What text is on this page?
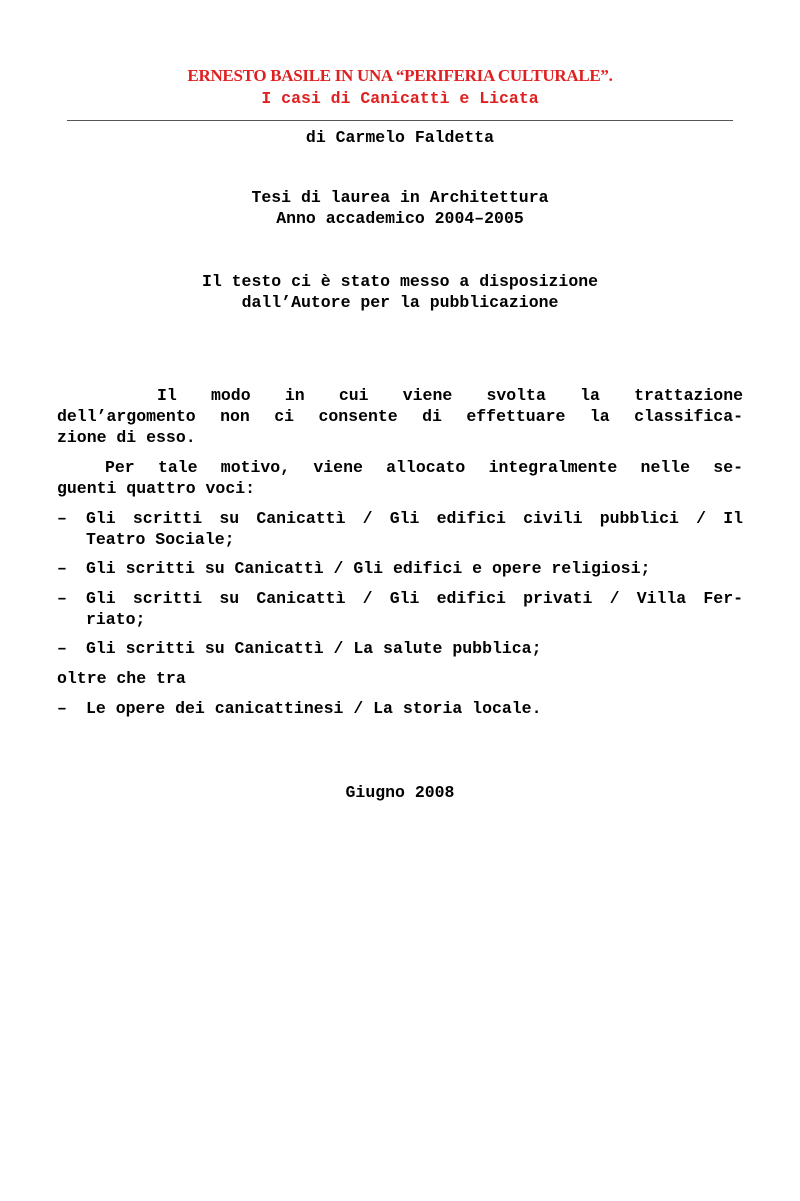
ERNESTO BASILE IN UNA “PERIFERIA CULTURALE”.
I casi di Canicattì e Licata
di Carmelo Faldetta
Tesi di laurea in Architettura
Anno accademico 2004–2005
Il testo ci è stato messo a disposizione
dall’Autore per la pubblicazione
Il modo in cui viene svolta la trattazione
dell’argomento non ci consente di effettuare la classifica-
zione di esso.
Per tale motivo, viene allocato integralmente nelle se-
guenti quattro voci:
– Gli scritti su Canicattì / Gli edifici civili pubblici / Il
Teatro Sociale;
– Gli scritti su Canicattì / Gli edifici e opere religiosi;
– Gli scritti su Canicattì / Gli edifici privati / Villa Fer-
riato;
– Gli scritti su Canicattì / La salute pubblica;
oltre che tra
– Le opere dei canicattinesi / La storia locale.
Giugno 2008
